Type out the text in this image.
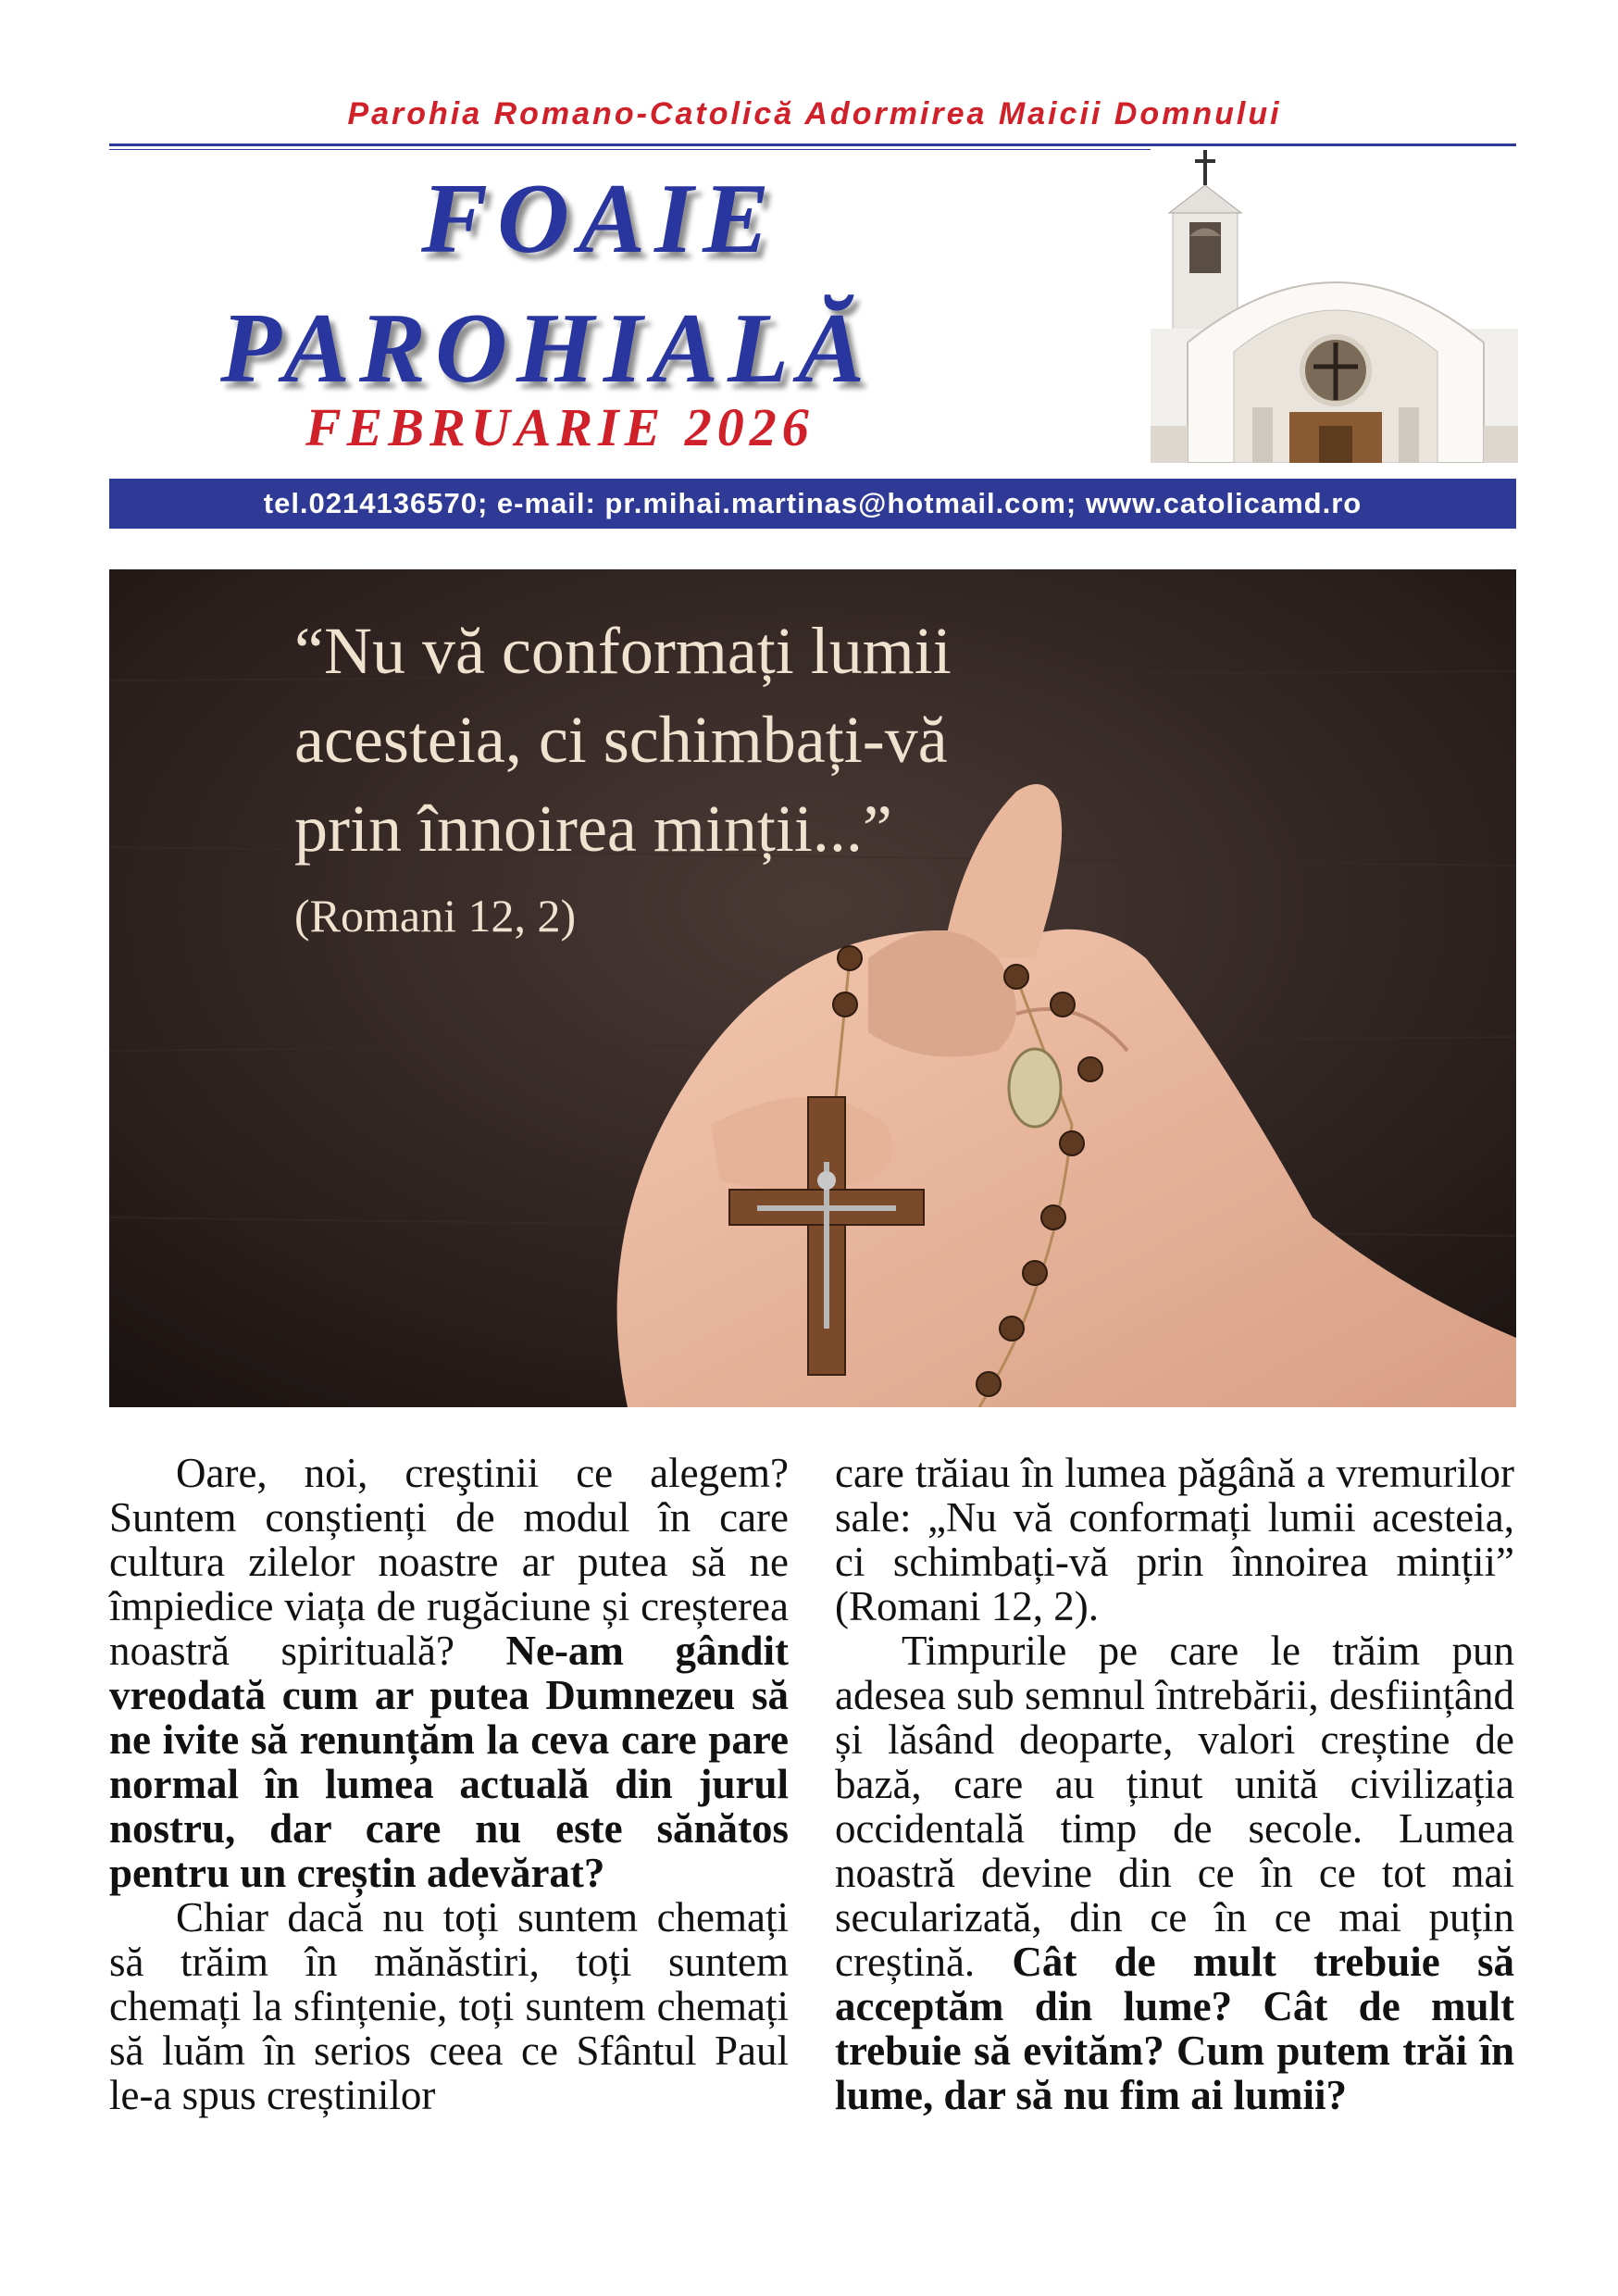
Parohia Romano-Catolică Adormirea Maicii Domnului
FOAIE
PAROHIALĂ
FEBRUARIE 2026
tel.0214136570; e-mail: pr.mihai.martinas@hotmail.com; www.catolicamd.ro
“Nu vă conformați lumii
acesteia, ci schimbați-vă
prin înnoirea minții...”
(Romani 12, 2)

Oare, noi, creştinii ce alegem? Suntem conștienți de modul în care cultura zilelor noastre ar putea să ne împiedice viața de rugăciune și creșterea noastră spirituală? Ne-am gândit vreodată cum ar putea Dumnezeu să ne ivite să renunțăm la ceva care pare normal în lumea actuală din jurul nostru, dar care nu este sănătos pentru un creștin adevărat?

Chiar dacă nu toți suntem chemați să trăim în mănăstiri, toți suntem chemați la sfințenie, toți suntem chemați să luăm în serios ceea ce Sfântul Paul le-a spus creștinilor

care trăiau în lumea păgână a vremurilor sale: „Nu vă conformați lumii acesteia, ci schimbați-vă prin înnoirea minții” (Romani 12, 2).

Timpurile pe care le trăim pun adesea sub semnul întrebării, desființând și lăsând deoparte, valori creștine de bază, care au ținut unită civilizația occidentală timp de secole. Lumea noastră devine din ce în ce tot mai secularizată, din ce în ce mai puțin creștină. Cât de mult trebuie să acceptăm din lume? Cât de mult trebuie să evităm? Cum putem trăi în lume, dar să nu fim ai lumii?
